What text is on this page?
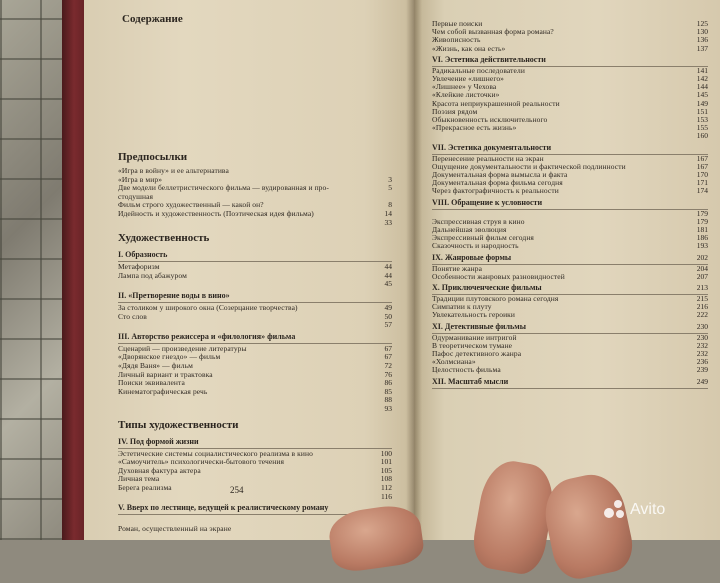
Содержание
Предпосылки
«Игра в войну» и ее альтернатива
«Игра в мир»	3
Две модели беллетристического фильма — вудированная и про-	5
стодушная
Фильм строго художественный — какой он?	8
Идейность и художественность (Поэтическая идея фильма)	14
33
Художественность
I. Образность
Метафоризм	44
Лампа под абажуром	44
45
II. «Претворение воды в вино»
За столиком у широкого окна (Созерцание творчества)	49
Сто слов	50
57
III. Авторство режиссера и «филология» фильма
Сценарий — произведение литературы	67
«Дворянское гнездо» — фильм	67
«Дядя Ваня» — фильм	72
Личный вариант и трактовка	76
Поиски эквивалента	86
Кинематографическая речь	85
88
93
Типы художественности
IV. Под формой жизни
Эстетические системы социалистического реализма в кино	100
«Самоучитель» психологически-бытового течения	101
Духовная фактура актера	105
Личная тема	108
Берега реализма	112
116
V. Вверх по лестнице, ведущей к реалистическому роману
Роман, осуществленный на экране
Первые поиски	125
Чем собой вызванная форма романа?	130
Живописность	136
«Жизнь, как она есть»	137
VI. Эстетика действительности
Радикальные последователи	141
Увлечение «лишнего»	142
«Лишнее» у Чехова	144
«Клейкие листочки»	145
Красота неприукрашенной реальности	149
Поэзия рядом	151
Обыкновенность исключительного	153
«Прекрасное есть жизнь»	155
160
VII. Эстетика документальности
Перенесение реальности на экран	167
Ощущение документальности и фактической подлинности	167
Документальная форма вымысла и факта	170
Документальная форма фильма сегодня	171
Через фактографичность к реальности	174
VIII. Обращение к условности
179
Экспрессивная струя в кино	179
Дальнейшая эволюция	181
Экспрессивный фильм сегодня	186
Сказочность и народность	193
IX. Жанровые формы	202
Понятие жанра	204
Особенности жанровых разновидностей	207
X. Приключенческие фильмы	213
Традиции плутовского романа сегодня	215
Симпатии к плуту	216
Увлекательность героики	222
XI. Детективные фильмы	230
Одурманивание интригой	230
В теоретическом тумане	232
Пафос детективного жанра	232
«Холмсиана»	236
Целостность фильма	239
XII. Масштаб мысли	249
254
Avito
